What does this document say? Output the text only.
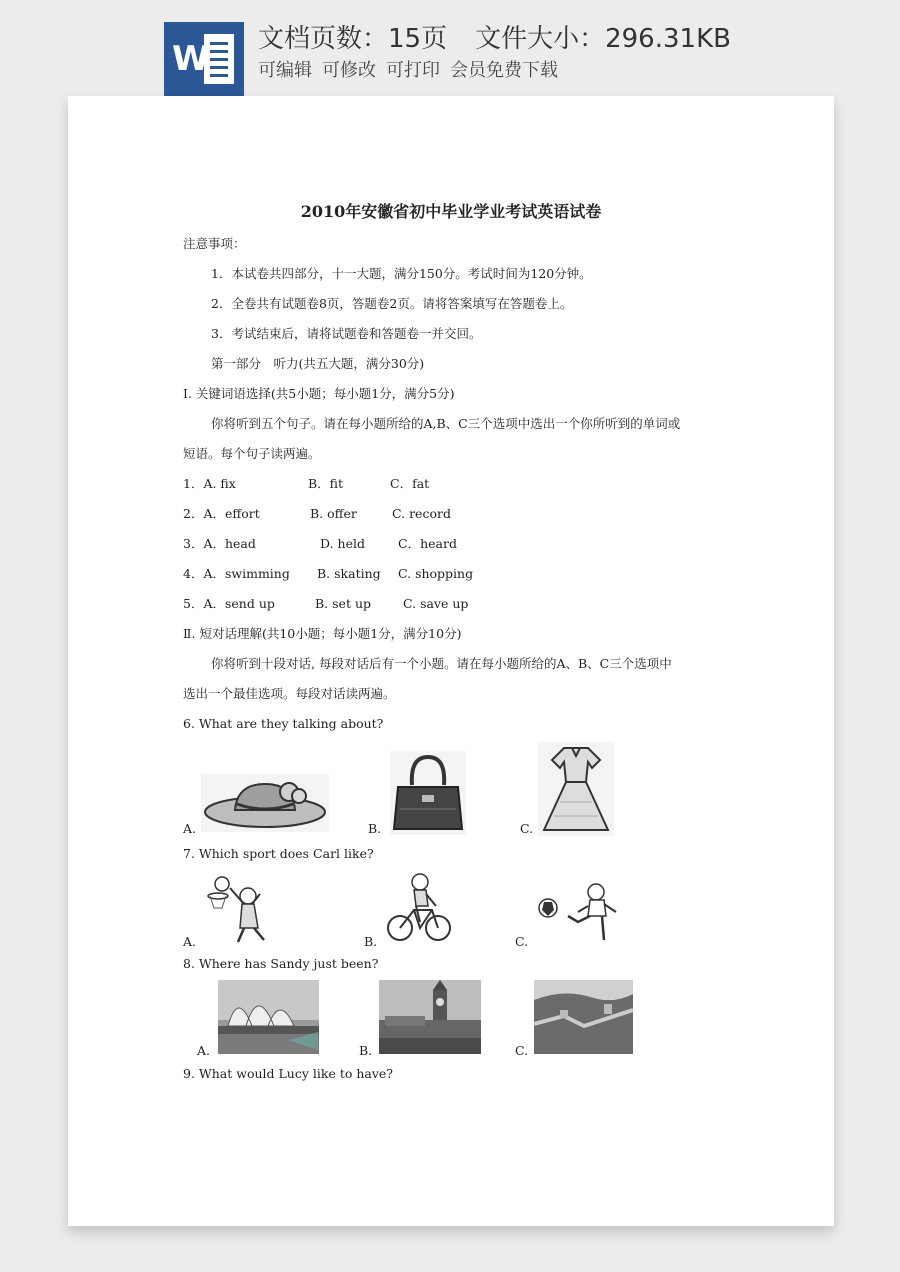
W 文档页数：15页 文件大小：296.31KB
可编辑 可修改 可打印 会员免费下载
2010年安徽省初中毕业学业考试英语试卷
注意事项：
1．本试卷共四部分，十一大题，满分150分。考试时间为120分钟。
2．全卷共有试题卷8页，答题卷2页。请将答案填写在答题卷上。
3．考试结束后，请将试题卷和答题卷一并交回。
第一部分　听力(共五大题，满分30分)
I. 关键词语选择(共5小题；每小题1分，满分5分)
你将听到五个句子。请在每小题所给的A,B、C三个选项中选出一个你所听到的单词或
短语。每个句子读两遍。
1．A. fix	B．fit	C．fat
2．A．effort	B. offer	C. record
3．A．head	D. held	C．heard
4．A．swimming B. skating C. shopping
5．A．send up	B. set up	C. save up
Ⅱ. 短对话理解(共10小题；每小题1分，满分10分)
你将听到十段对话, 每段对话后有一个小题。请在每小题所给的A、B、C三个选项中
选出一个最佳选项。每段对话读两遍。
6. What are they talking about?
A.	B.	C.
7. Which sport does Carl like?
A.	B.	C.
8. Where has Sandy just been?
A.	B.	C.
9. What would Lucy like to have?
